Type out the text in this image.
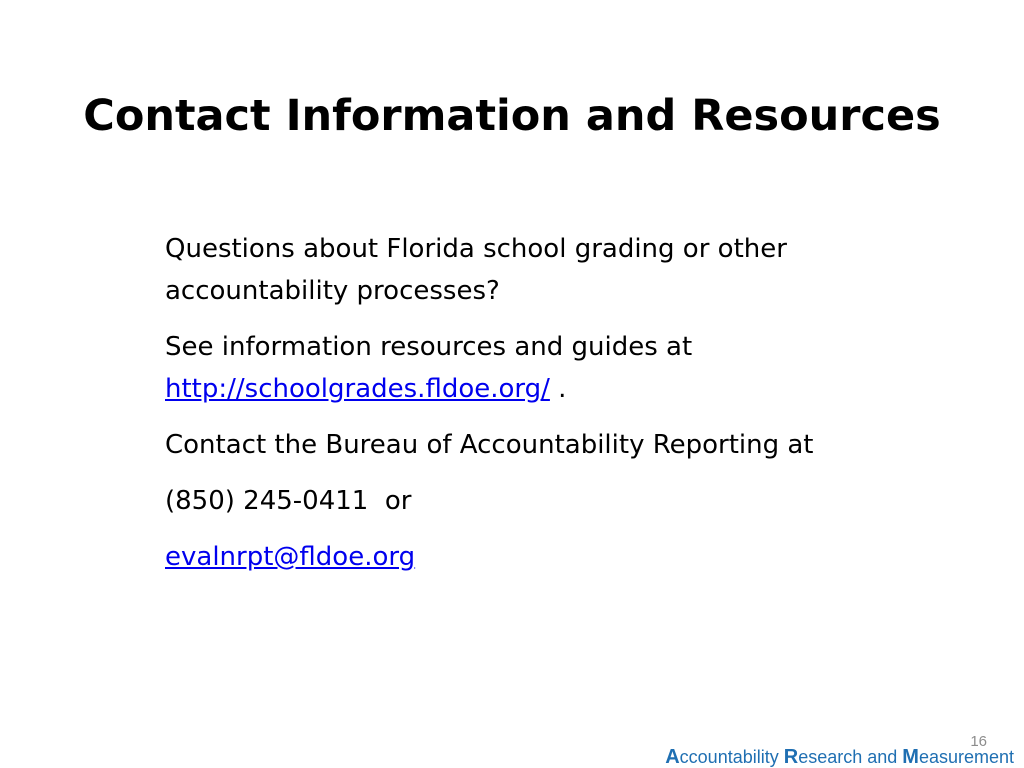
Contact Information and Resources

Questions about Florida school grading or other
accountability processes?

See information resources and guides at
http://schoolgrades.fldoe.org/ .

Contact the Bureau of Accountability Reporting at

(850) 245-0411  or

evalnrpt@fldoe.org

16
Accountability Research and Measurement
